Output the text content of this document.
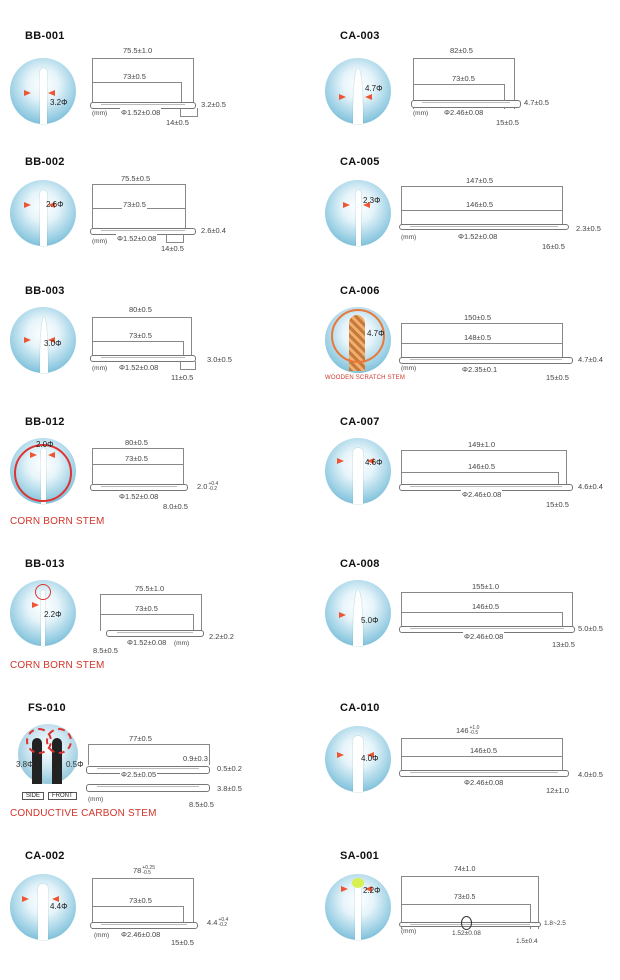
BB-001
3.2Φ
75.5±1.0
73±0.5
(mm) Φ1.52±0.08
14±0.5
3.2±0.5
BB-002
2.6Φ
75.5±0.5
73±0.5
(mm) Φ1.52±0.08
14±0.5
2.6±0.4
BB-003
3.0Φ
80±0.5
73±0.5
(mm) Φ1.52±0.08
11±0.5
3.0±0.5
BB-012
2.0Φ	80±0.5
73±0.5
Φ1.52±0.08
8.0±0.5
2.0+0.4
-0.2
CORN BORN STEM
BB-013
2.2Φ
75.5±1.0
73±0.5
8.5±0.5
Φ1.52±0.08 (mm)
2.2±0.2
CORN BORN STEM
FS-010
3.8Φ	0.5Φ
SIDE	FRONT
77±0.5
0.9±0.3
0.5±0.2
Φ2.5±0.05
(mm)
3.8±0.5
8.5±0.5
CONDUCTIVE CARBON STEM
CA-002
4.4Φ
78+0.25
-0.5
73±0.5
(mm) Φ2.46±0.08
15±0.5
4.4+0.4
-0.2
CA-003
4.7Φ
82±0.5
73±0.5
(mm) Φ2.46±0.08
15±0.5
4.7±0.5
CA-005
2.3Φ
147±0.5
146±0.5
(mm)	Φ1.52±0.08
16±0.5
2.3±0.5
CA-006
4.7Φ
WOODEN SCRATCH STEM
150±0.5
148±0.5
(mm)	Φ2.35±0.1
15±0.5
4.7±0.4
CA-007
4.6Φ
149±1.0
146±0.5
Φ2.46±0.08
15±0.5
4.6±0.4
CA-008
5.0Φ
155±1.0
146±0.5
Φ2.46±0.08
13±0.5
5.0±0.5
CA-010
4.0Φ
146+1.0
-0.5
146±0.5
Φ2.46±0.08
12±1.0
4.0±0.5
SA-001
2.2Φ
74±1.0
73±0.5
(mm)	1.52±0.08
1.5±0.4
1.8~2.5
